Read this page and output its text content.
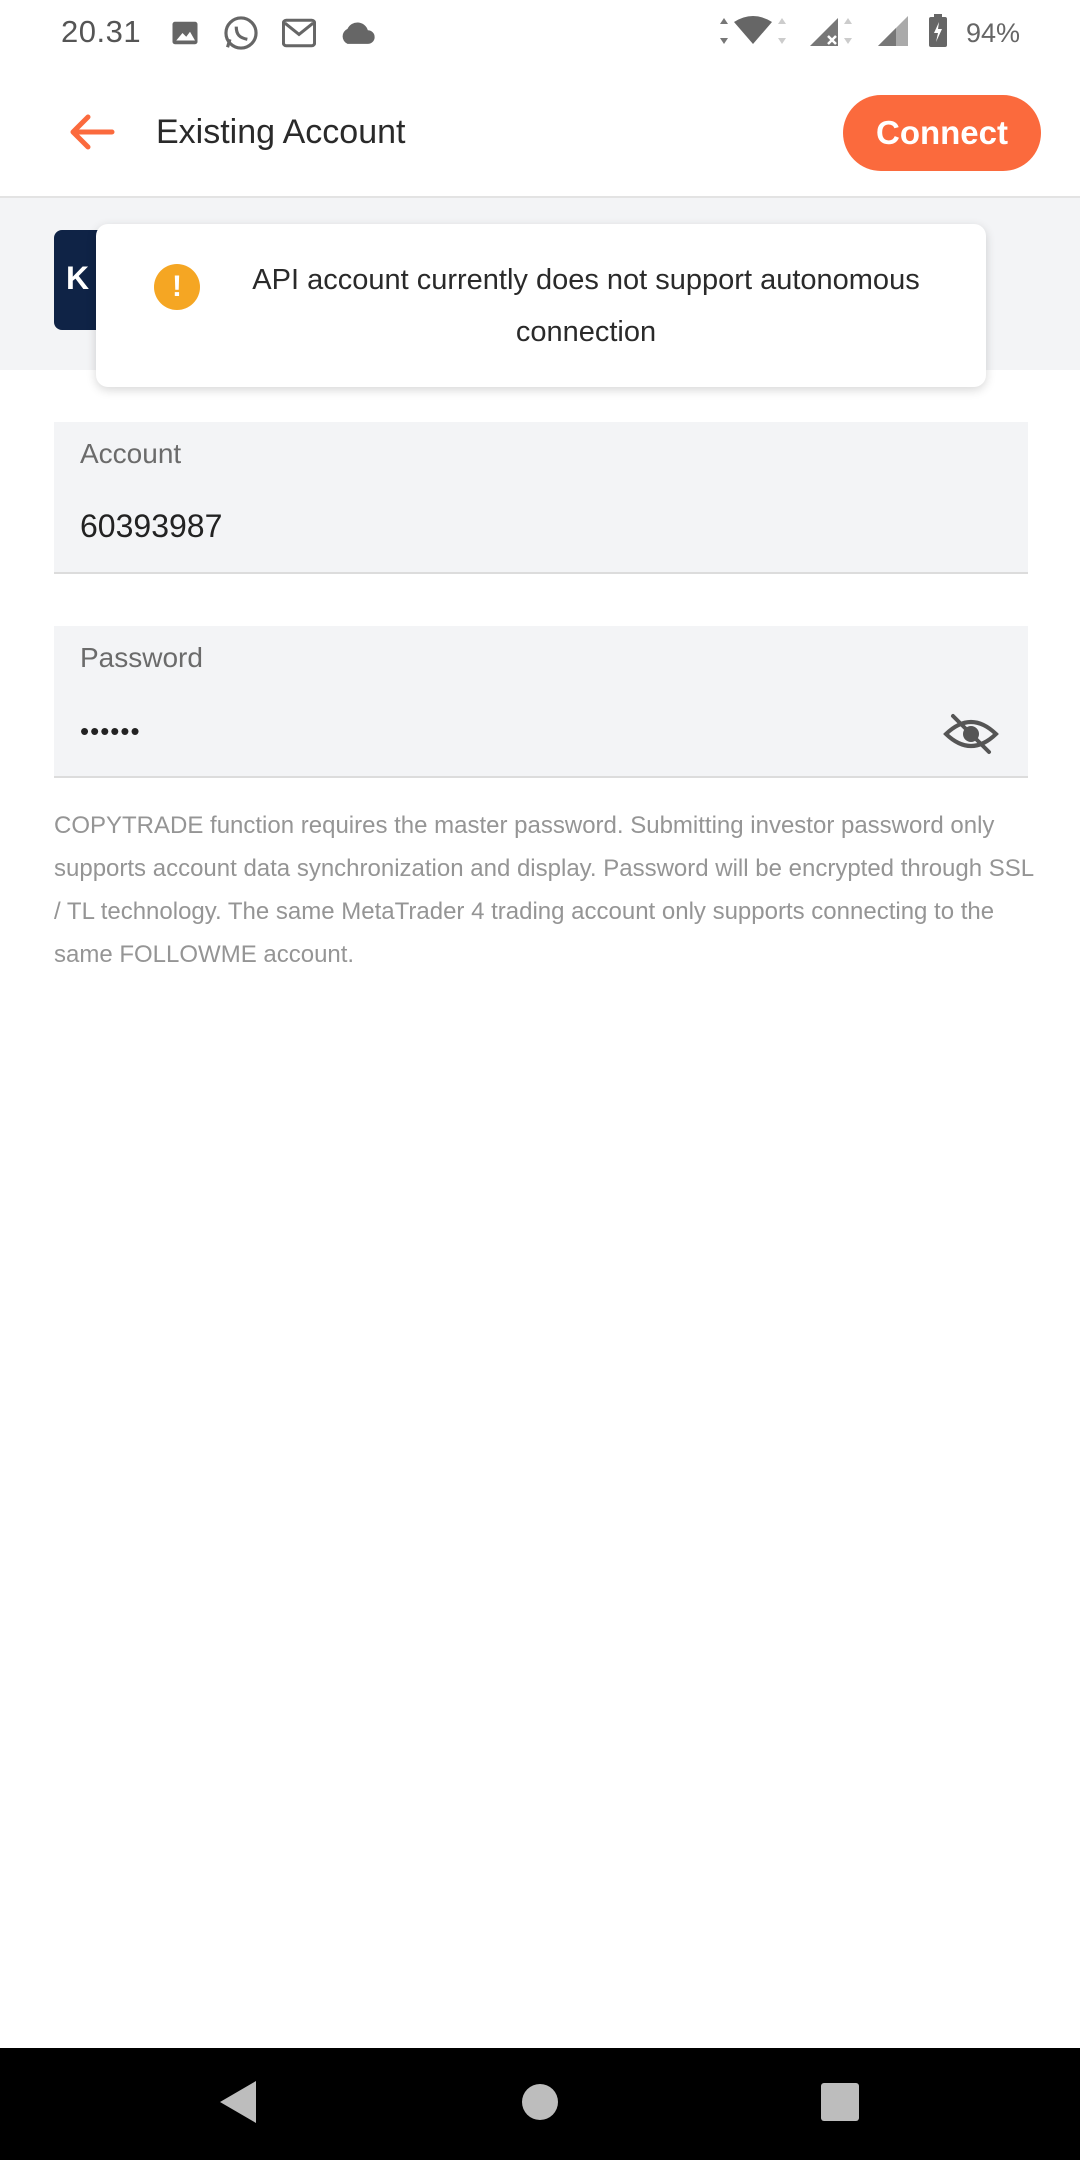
20.31	94%
Existing Account	Connect
K	!	API account currently does not support autonomous connection
Account
60393987
Password
••••••

COPYTRADE function requires the master password. Submitting investor password only supports account data synchronization and display. Password will be encrypted through SSL / TL technology. The same MetaTrader 4 trading account only supports connecting to the same FOLLOWME account.
